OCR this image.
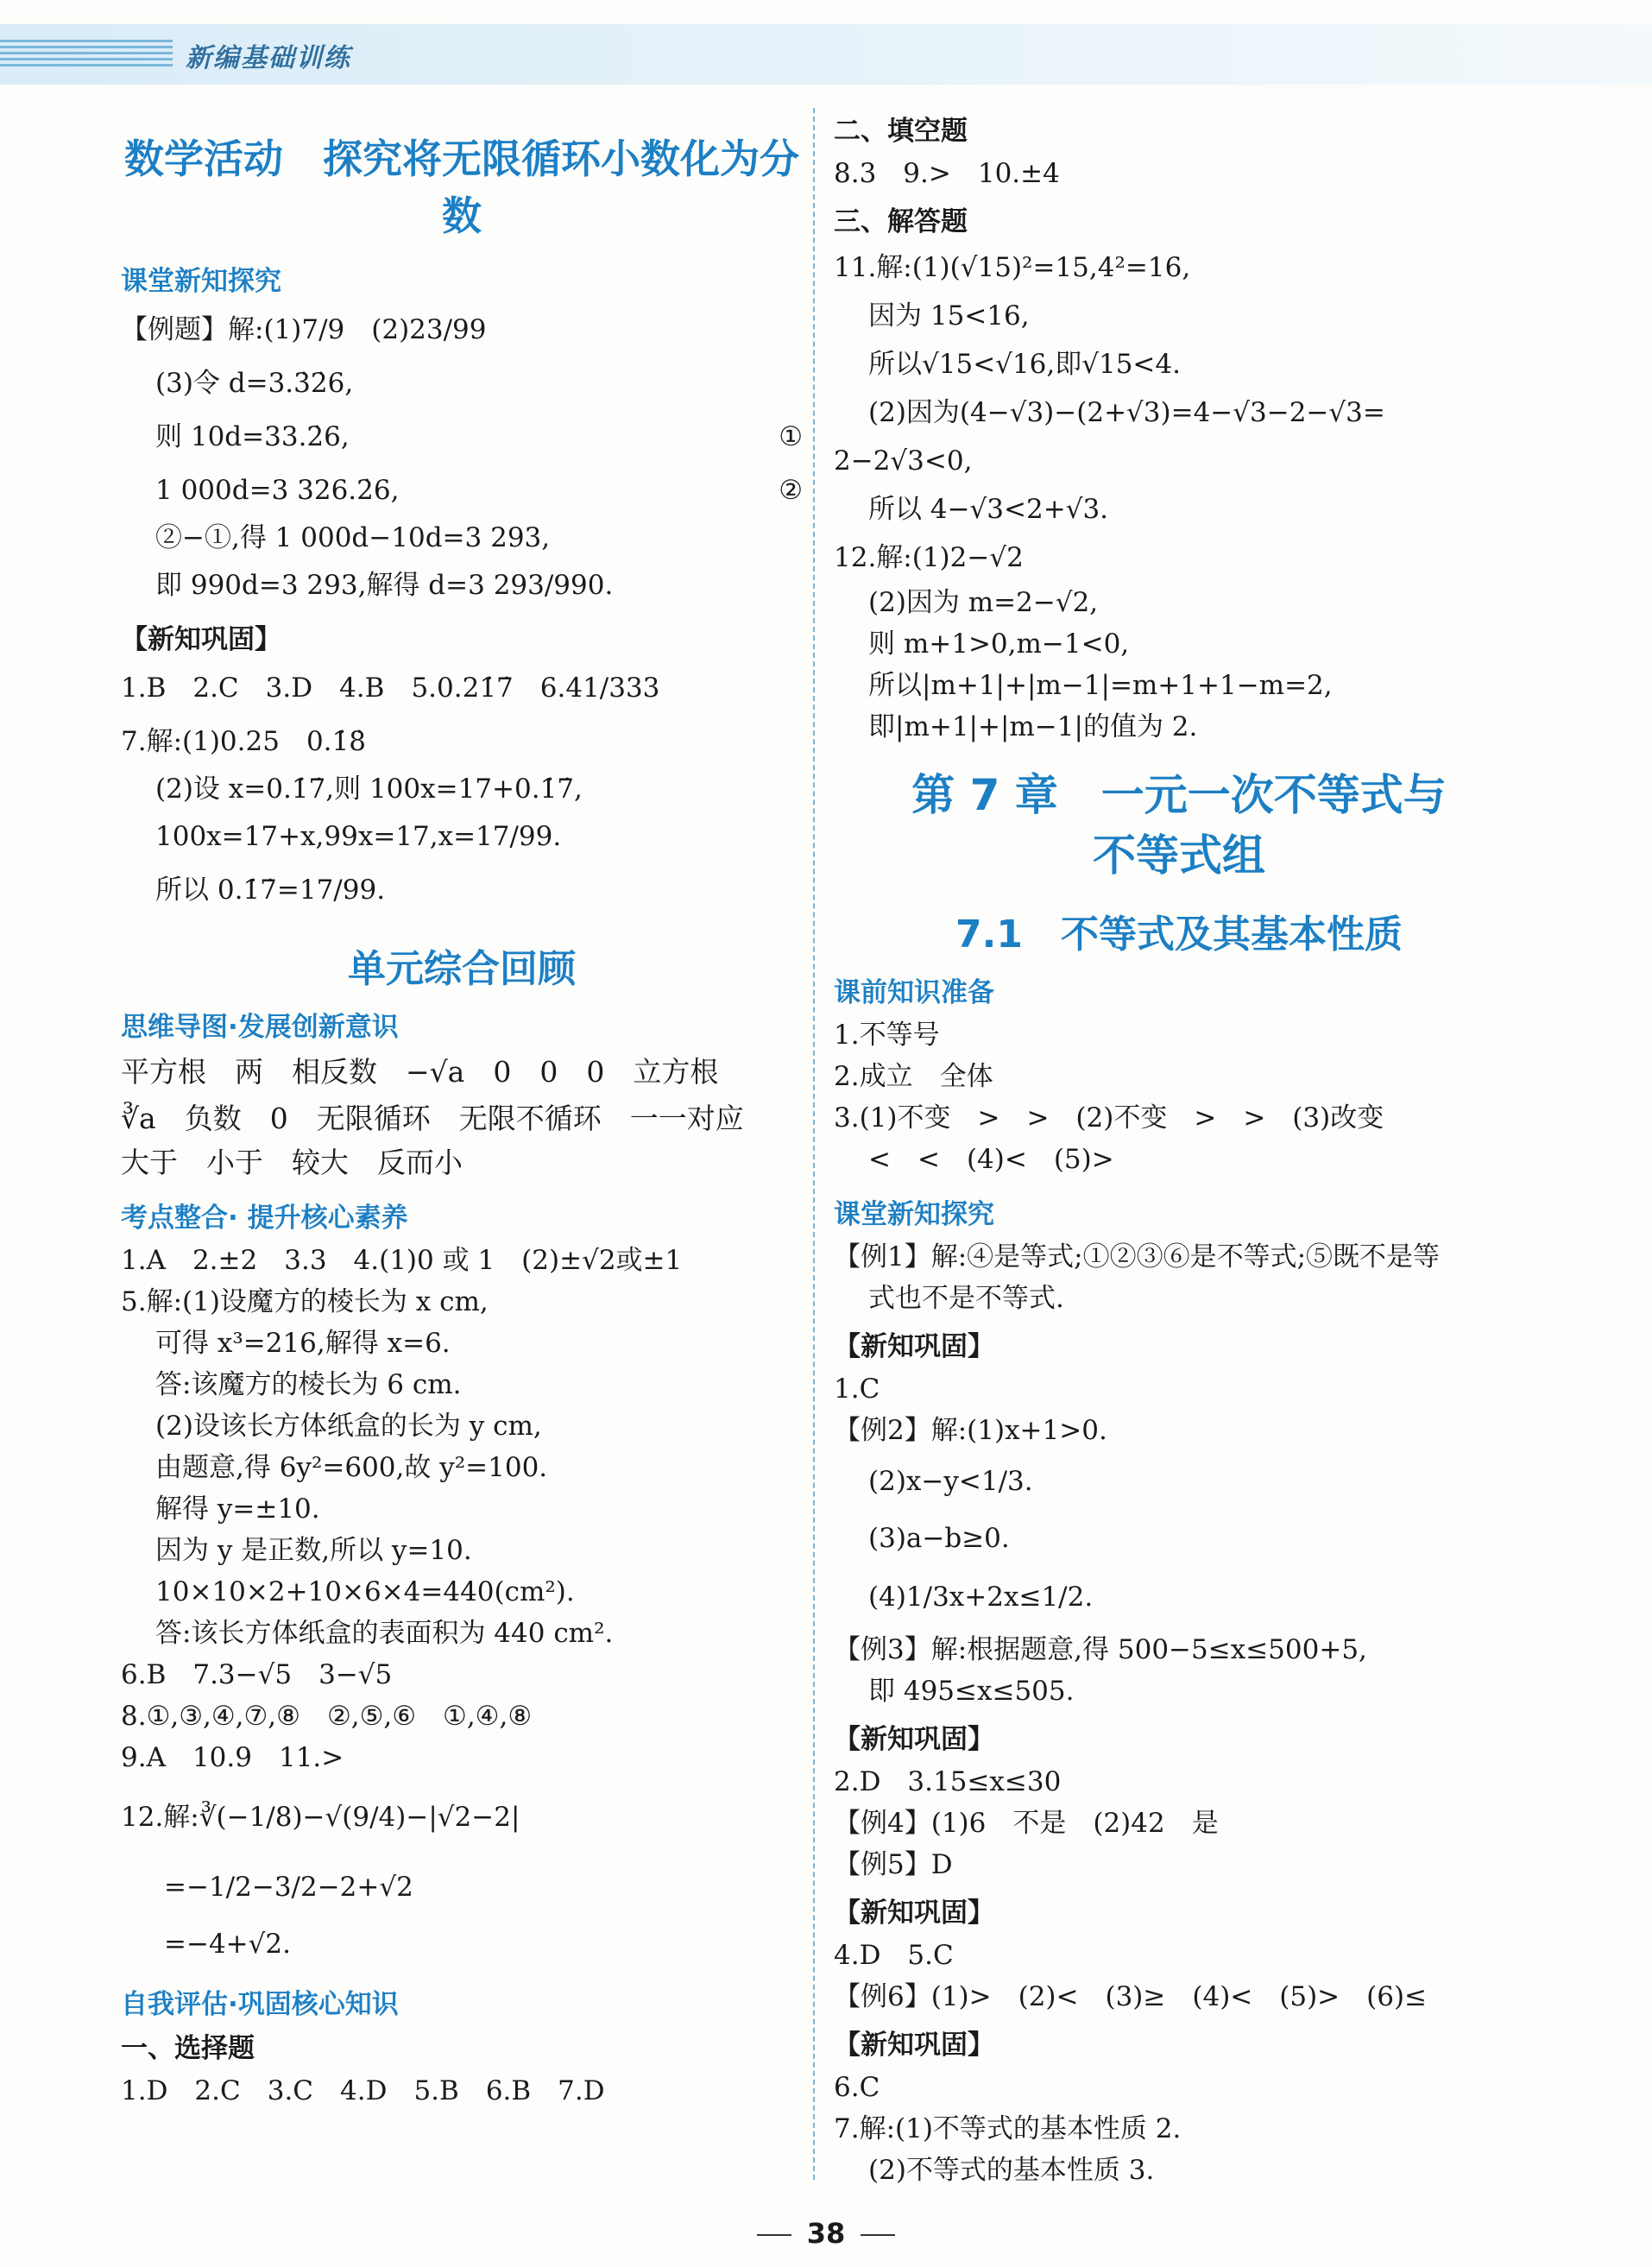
新编基础训练
数学活动　探究将无限循环小数化为分数
课堂新知探究
【例题】解:(1)7/9　(2)23/99
(3)令 d=3.3̇2̇6,
则 10d=33.2̇6,	①
1 000d=3 326.2̇6,	②
②−①,得 1 000d−10d=3 293,
即 990d=3 293,解得 d=3 293/990.
【新知巩固】
1.B　2.C　3.D　4.B　5.0.21̇7̇　6.41/333
7.解:(1)0.25　0.1̇8̇
(2)设 x=0.1̇7̇,则 100x=17+0.1̇7̇,
100x=17+x,99x=17,x=17/99.
所以 0.1̇7̇=17/99.
单元综合回顾
思维导图·发展创新意识
平方根　两　相反数　−√a　0　0　0　立方根
∛a　负数　0　无限循环　无限不循环　一一对应
大于　小于　较大　反而小
考点整合· 提升核心素养
1.A　2.±2　3.3　4.(1)0 或 1　(2)±√2或±1
5.解:(1)设魔方的棱长为 x cm,
可得 x³=216,解得 x=6.
答:该魔方的棱长为 6 cm.
(2)设该长方体纸盒的长为 y cm,
由题意,得 6y²=600,故 y²=100.
解得 y=±10.
因为 y 是正数,所以 y=10.
10×10×2+10×6×4=440(cm²).
答:该长方体纸盒的表面积为 440 cm².
6.B　7.3−√5　3−√5
8.①,③,④,⑦,⑧　②,⑤,⑥　①,④,⑧
9.A　10.9　11.>
12.解:∛(−1/8)−√(9/4)−|√2−2|
=−1/2−3/2−2+√2
=−4+√2.
自我评估·巩固核心知识
一、选择题
1.D　2.C　3.C　4.D　5.B　6.B　7.D
二、填空题
8.3　9.>　10.±4
三、解答题
11.解:(1)(√15)²=15,4²=16,
因为 15<16,
所以√15<√16,即√15<4.
(2)因为(4−√3)−(2+√3)=4−√3−2−√3=
2−2√3<0,
所以 4−√3<2+√3.
12.解:(1)2−√2
(2)因为 m=2−√2,
则 m+1>0,m−1<0,
所以|m+1|+|m−1|=m+1+1−m=2,
即|m+1|+|m−1|的值为 2.
第 7 章　一元一次不等式与
不等式组
7.1　不等式及其基本性质
课前知识准备
1.不等号
2.成立　全体
3.(1)不变　>　>　(2)不变　>　>　(3)改变
<　<　(4)<　(5)>
课堂新知探究
【例1】解:④是等式;①②③⑥是不等式;⑤既不是等
式也不是不等式.
【新知巩固】
1.C
【例2】解:(1)x+1>0.
(2)x−y<1/3.
(3)a−b≥0.
(4)1/3x+2x≤1/2.
【例3】解:根据题意,得 500−5≤x≤500+5,
即 495≤x≤505.
【新知巩固】
2.D　3.15≤x≤30
【例4】(1)6　不是　(2)42　是
【例5】D
【新知巩固】
4.D　5.C
【例6】(1)>　(2)<　(3)≥　(4)<　(5)>　(6)≤
【新知巩固】
6.C
7.解:(1)不等式的基本性质 2.
(2)不等式的基本性质 3.
38
